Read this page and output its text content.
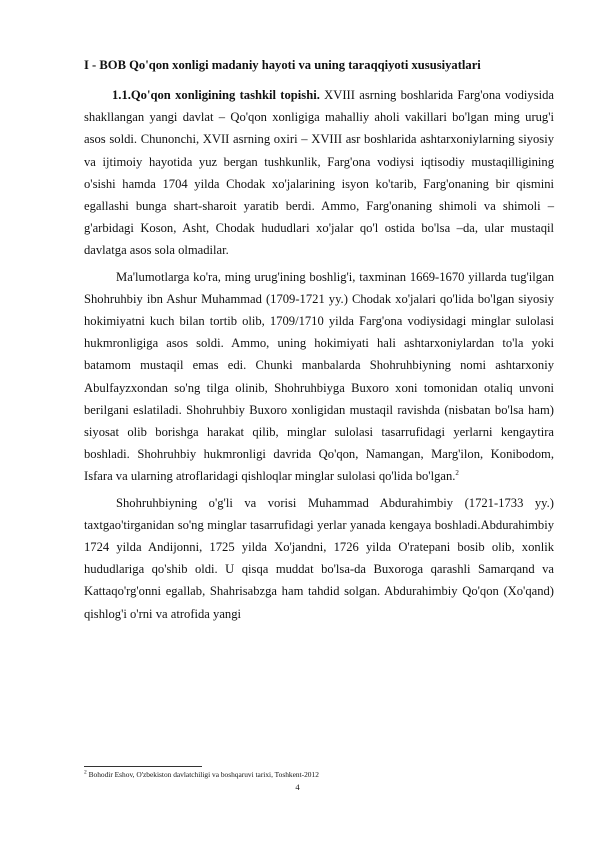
I - BOB Qo'qon xonligi madaniy hayoti va uning taraqqiyoti xususiyatlari

1.1.Qo'qon xonligining tashkil topishi. XVIII asrning boshlarida Farg'ona vodiysida shakllangan yangi davlat – Qo'qon xonligiga mahalliy aholi vakillari bo'lgan ming urug'i asos soldi. Chunonchi, XVII asrning oxiri – XVIII asr boshlarida ashtarxoniylarning siyosiy va ijtimoiy hayotida yuz bergan tushkunlik, Farg'ona vodiysi iqtisodiy mustaqilligining o'sishi hamda 1704 yilda Chodak xo'jalarining isyon ko'tarib, Farg'onaning bir qismini egallashi bunga shart-sharoit yaratib berdi. Ammo, Farg'onaning shimoli va shimoli – g'arbidagi Koson, Asht, Chodak hududlari xo'jalar qo'l ostida bo'lsa –da, ular mustaqil davlatga asos sola olmadilar.

Ma'lumotlarga ko'ra, ming urug'ining boshlig'i, taxminan 1669-1670 yillarda tug'ilgan Shohruhbiy ibn Ashur Muhammad (1709-1721 yy.) Chodak xo'jalari qo'lida bo'lgan siyosiy hokimiyatni kuch bilan tortib olib, 1709/1710 yilda Farg'ona vodiysidagi minglar sulolasi hukmronligiga asos soldi. Ammo, uning hokimiyati hali ashtarxoniylardan to'la yoki batamom mustaqil emas edi. Chunki manbalarda Shohruhbiyning nomi ashtarxoniy Abulfayzxondan so'ng tilga olinib, Shohruhbiyga Buxoro xoni tomonidan otaliq unvoni berilgani eslatiladi. Shohruhbiy Buxoro xonligidan mustaqil ravishda (nisbatan bo'lsa ham) siyosat olib borishga harakat qilib, minglar sulolasi tasarrufidagi yerlarni kengaytira boshladi. Shohruhbiy hukmronligi davrida Qo'qon, Namangan, Marg'ilon, Konibodom, Isfara va ularning atroflaridagi qishloqlar minglar sulolasi qo'lida bo'lgan.$^2$

Shohruhbiyning o'g'li va vorisi Muhammad Abdurahimbiy (1721-1733 yy.) taxtgao'tirganidan so'ng minglar tasarrufidagi yerlar yanada kengaya boshladi.Abdurahimbiy 1724 yilda Andijonni, 1725 yilda Xo'jandni, 1726 yilda O'ratepani bosib olib, xonlik hududlariga qo'shib oldi. U qisqa muddat bo'lsa-da Buxoroga qarashli Samarqand va Kattaqo'rg'onni egallab, Shahrisabzga ham tahdid solgan. Abdurahimbiy Qo'qon (Xo'qand) qishlog'i o'rni va atrofida yangi

$^2$ Bohodir Eshov, O'zbekiston davlatchiligi va boshqaruvi tarixi, Toshkent-2012
4
